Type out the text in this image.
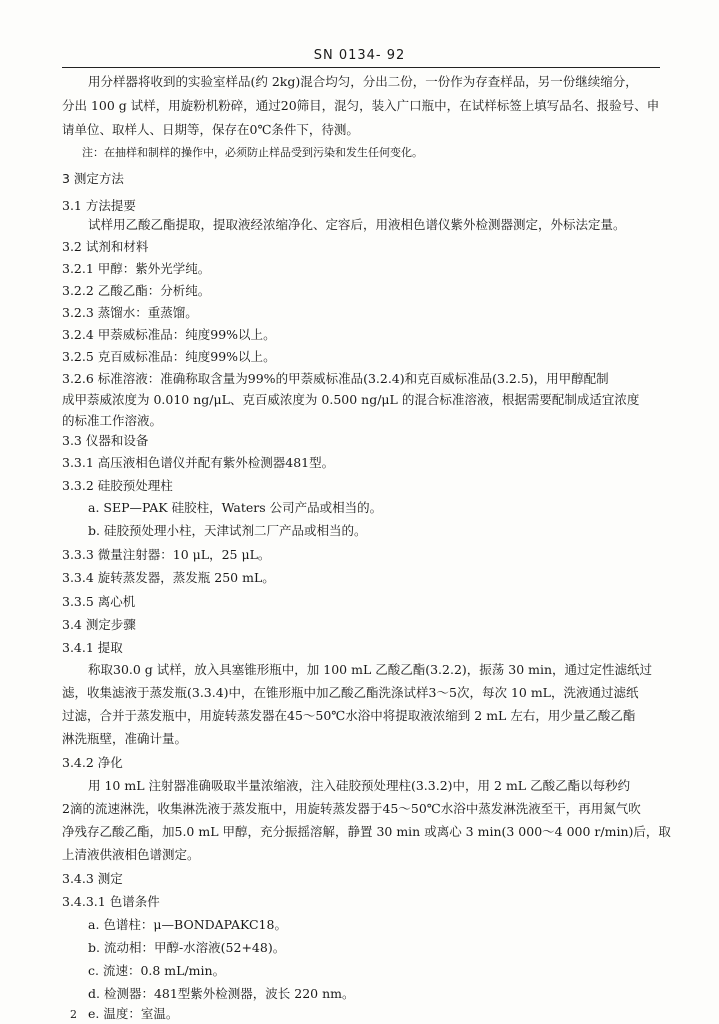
SN 0134- 92
用分样器将收到的实验室样品(约 2kg)混合均匀，分出二份，一份作为存查样品，另一份继续缩分，
分出 100 g 试样，用旋粉机粉碎，通过20筛目，混匀，装入广口瓶中，在试样标签上填写品名、报验号、申
请单位、取样人、日期等，保存在0℃条件下，待测。
注：在抽样和制样的操作中，必须防止样品受到污染和发生任何变化。
3 测定方法
3.1 方法提要
试样用乙酸乙酯提取，提取液经浓缩净化、定容后，用液相色谱仪紫外检测器测定，外标法定量。
3.2 试剂和材料
3.2.1 甲醇：紫外光学纯。
3.2.2 乙酸乙酯：分析纯。
3.2.3 蒸馏水：重蒸馏。
3.2.4 甲萘威标准品：纯度99%以上。
3.2.5 克百威标准品：纯度99%以上。
3.2.6 标准溶液：准确称取含量为99%的甲萘威标准品(3.2.4)和克百威标准品(3.2.5)，用甲醇配制
成甲萘威浓度为 0.010 ng/μL、克百威浓度为 0.500 ng/μL 的混合标准溶液，根据需要配制成适宜浓度
的标准工作溶液。
3.3 仪器和设备
3.3.1 高压液相色谱仪并配有紫外检测器481型。
3.3.2 硅胶预处理柱
a. SEP—PAK 硅胶柱，Waters 公司产品或相当的。
b. 硅胶预处理小柱，天津试剂二厂产品或相当的。
3.3.3 微量注射器：10 μL，25 μL。
3.3.4 旋转蒸发器，蒸发瓶 250 mL。
3.3.5 离心机
3.4 测定步骤
3.4.1 提取
称取30.0 g 试样，放入具塞锥形瓶中，加 100 mL 乙酸乙酯(3.2.2)，振荡 30 min，通过定性滤纸过
滤，收集滤液于蒸发瓶(3.3.4)中，在锥形瓶中加乙酸乙酯洗涤试样3～5次，每次 10 mL，洗液通过滤纸
过滤，合并于蒸发瓶中，用旋转蒸发器在45～50℃水浴中将提取液浓缩到 2 mL 左右，用少量乙酸乙酯
淋洗瓶壁，准确计量。
3.4.2 净化
用 10 mL 注射器准确吸取半量浓缩液，注入硅胶预处理柱(3.3.2)中，用 2 mL 乙酸乙酯以每秒约
2滴的流速淋洗，收集淋洗液于蒸发瓶中，用旋转蒸发器于45～50℃水浴中蒸发淋洗液至干，再用氮气吹
净残存乙酸乙酯，加5.0 mL 甲醇，充分振摇溶解，静置 30 min 或离心 3 min(3 000～4 000 r/min)后，取
上清液供液相色谱测定。
3.4.3 测定
3.4.3.1 色谱条件
a. 色谱柱：μ—BONDAPAKC18。
b. 流动相：甲醇-水溶液(52+48)。
c. 流速：0.8 mL/min。
d. 检测器：481型紫外检测器，波长 220 nm。
e. 温度：室温。
2
